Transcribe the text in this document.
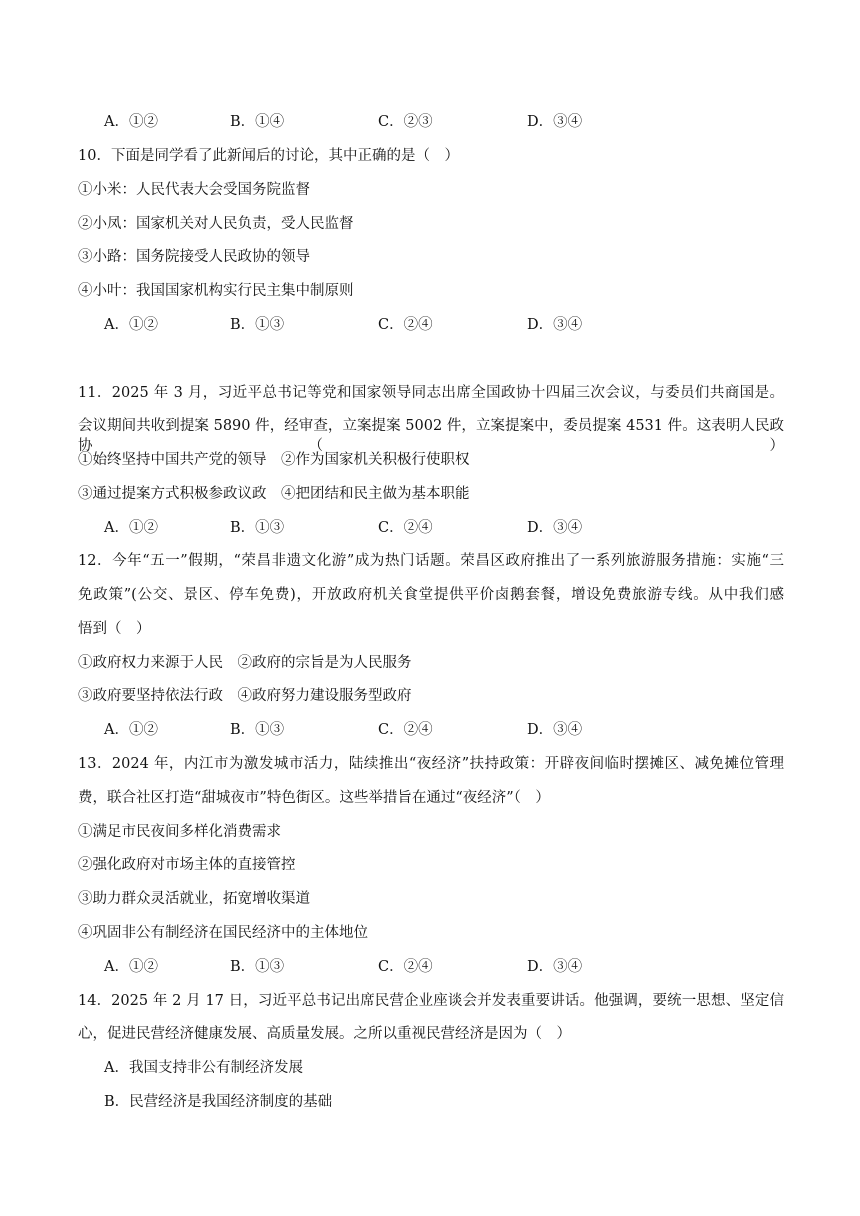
A．①②	B．①④	C．②③	D．③④
10．下面是同学看了此新闻后的讨论，其中正确的是（　）
①小米：人民代表大会受国务院监督
②小凤：国家机关对人民负责，受人民监督
③小路：国务院接受人民政协的领导
④小叶：我国国家机构实行民主集中制原则
A．①②	B．①③	C．②④	D．③④
11．2025 年 3 月，习近平总书记等党和国家领导同志出席全国政协十四届三次会议，与委员们共商国是。
会议期间共收到提案 5890 件，经审查，立案提案 5002 件，立案提案中，委员提案 4531 件。这表明人民政协（　）
①始终坚持中国共产党的领导　②作为国家机关积极行使职权
③通过提案方式积极参政议政　④把团结和民主做为基本职能
A．①②	B．①③	C．②④	D．③④
12．今年“五一”假期，“荣昌非遗文化游”成为热门话题。荣昌区政府推出了一系列旅游服务措施：实施“三
免政策”(公交、景区、停车免费)，开放政府机关食堂提供平价卤鹅套餐，增设免费旅游专线。从中我们感
悟到（　）
①政府权力来源于人民　②政府的宗旨是为人民服务
③政府要坚持依法行政　④政府努力建设服务型政府
A．①②	B．①③	C．②④	D．③④
13．2024 年，内江市为激发城市活力，陆续推出“夜经济”扶持政策：开辟夜间临时摆摊区、减免摊位管理
费，联合社区打造“甜城夜市”特色街区。这些举措旨在通过“夜经济”（　）
①满足市民夜间多样化消费需求
②强化政府对市场主体的直接管控
③助力群众灵活就业，拓宽增收渠道
④巩固非公有制经济在国民经济中的主体地位
A．①②	B．①③	C．②④	D．③④
14．2025 年 2 月 17 日，习近平总书记出席民营企业座谈会并发表重要讲话。他强调，要统一思想、坚定信
心，促进民营经济健康发展、高质量发展。之所以重视民营经济是因为（　）
A．我国支持非公有制经济发展
B．民营经济是我国经济制度的基础
